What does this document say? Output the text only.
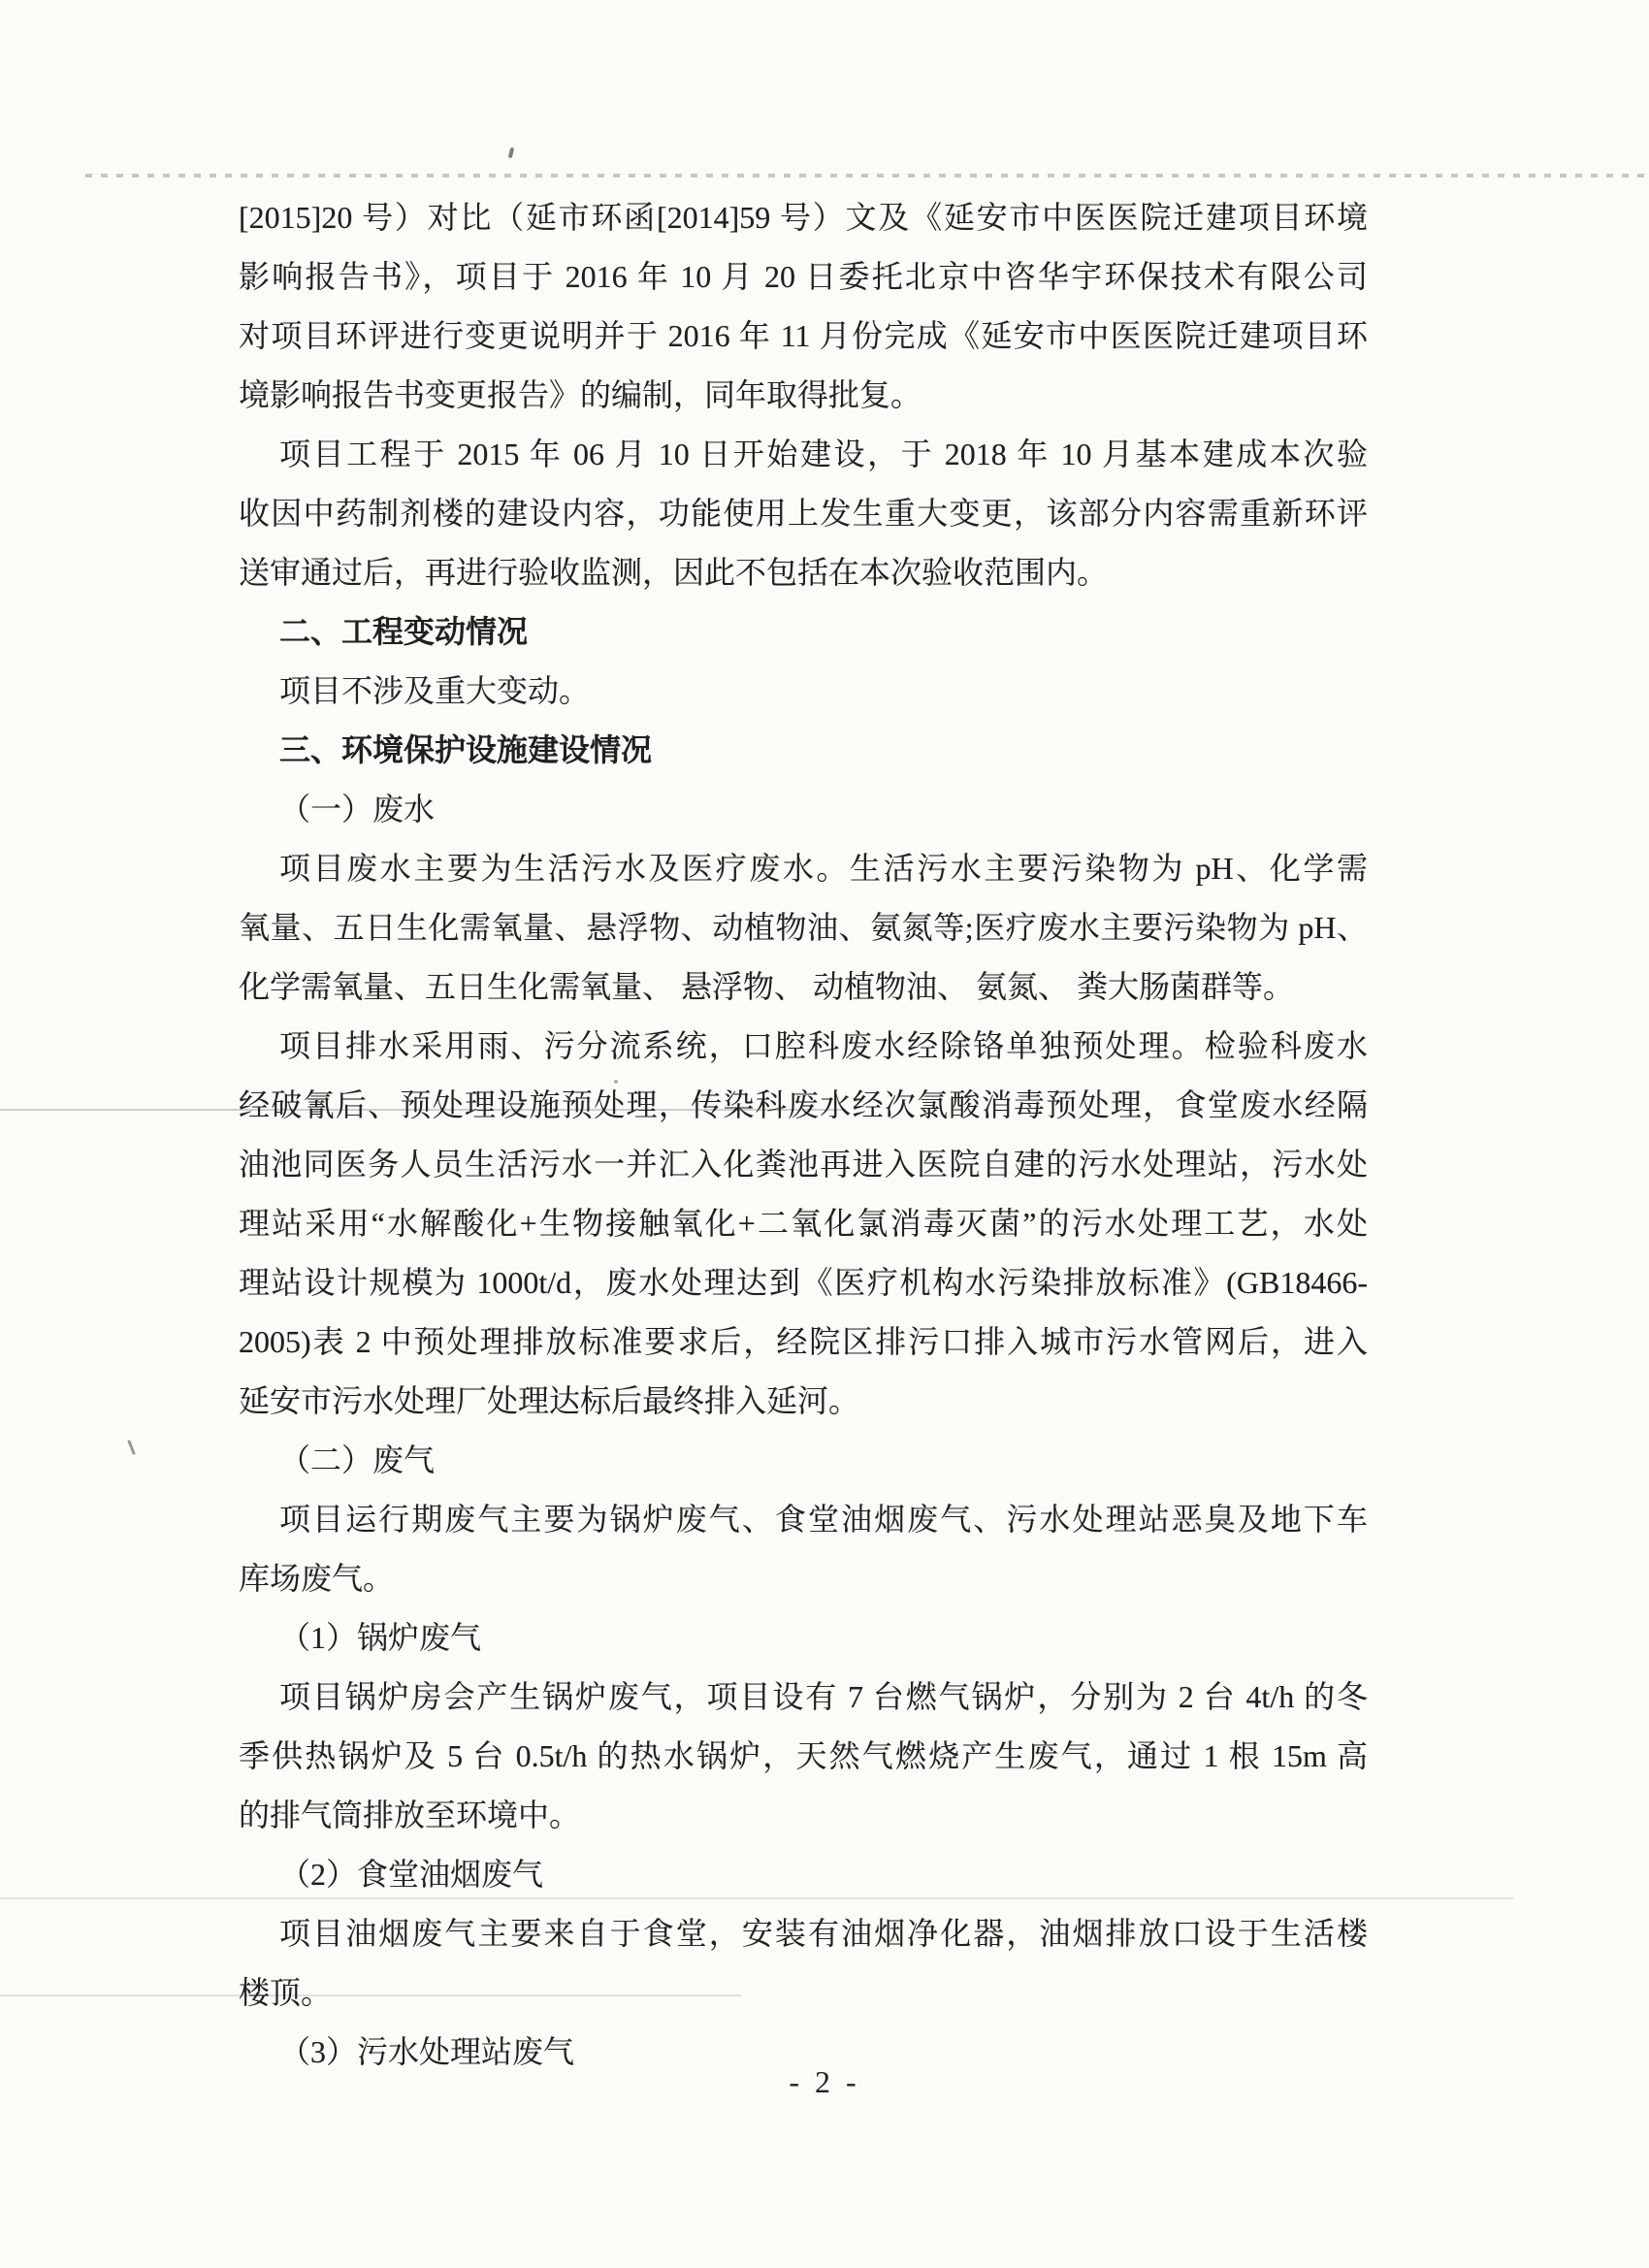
[2015]20 号）对比（延市环函[2014]59 号）文及《延安市中医医院迁建项目环境
影响报告书》，项目于 2016 年 10 月 20 日委托北京中咨华宇环保技术有限公司
对项目环评进行变更说明并于 2016 年 11 月份完成《延安市中医医院迁建项目环
境影响报告书变更报告》的编制，同年取得批复。
项目工程于 2015 年 06 月 10 日开始建设，于 2018 年 10 月基本建成本次验
收因中药制剂楼的建设内容，功能使用上发生重大变更，该部分内容需重新环评
送审通过后，再进行验收监测，因此不包括在本次验收范围内。
二、工程变动情况
项目不涉及重大变动。
三、环境保护设施建设情况
（一）废水
项目废水主要为生活污水及医疗废水。生活污水主要污染物为 pH、化学需
氧量、五日生化需氧量、悬浮物、动植物油、氨氮等;医疗废水主要污染物为 pH、
化学需氧量、五日生化需氧量、 悬浮物、 动植物油、 氨氮、 粪大肠菌群等。
项目排水采用雨、污分流系统，口腔科废水经除铬单独预处理。检验科废水
经破氰后、预处理设施预处理，传染科废水经次氯酸消毒预处理，食堂废水经隔
油池同医务人员生活污水一并汇入化粪池再进入医院自建的污水处理站，污水处
理站采用“水解酸化+生物接触氧化+二氧化氯消毒灭菌”的污水处理工艺，水处
理站设计规模为 1000t/d，废水处理达到《医疗机构水污染排放标准》(GB18466-
2005)表 2 中预处理排放标准要求后，经院区排污口排入城市污水管网后，进入
延安市污水处理厂处理达标后最终排入延河。
（二）废气
项目运行期废气主要为锅炉废气、食堂油烟废气、污水处理站恶臭及地下车
库场废气。
（1）锅炉废气
项目锅炉房会产生锅炉废气，项目设有 7 台燃气锅炉，分别为 2 台 4t/h 的冬
季供热锅炉及 5 台 0.5t/h 的热水锅炉，天然气燃烧产生废气，通过 1 根 15m 高
的排气筒排放至环境中。
（2）食堂油烟废气
项目油烟废气主要来自于食堂，安装有油烟净化器，油烟排放口设于生活楼
楼顶。
（3）污水处理站废气
- 2 -
